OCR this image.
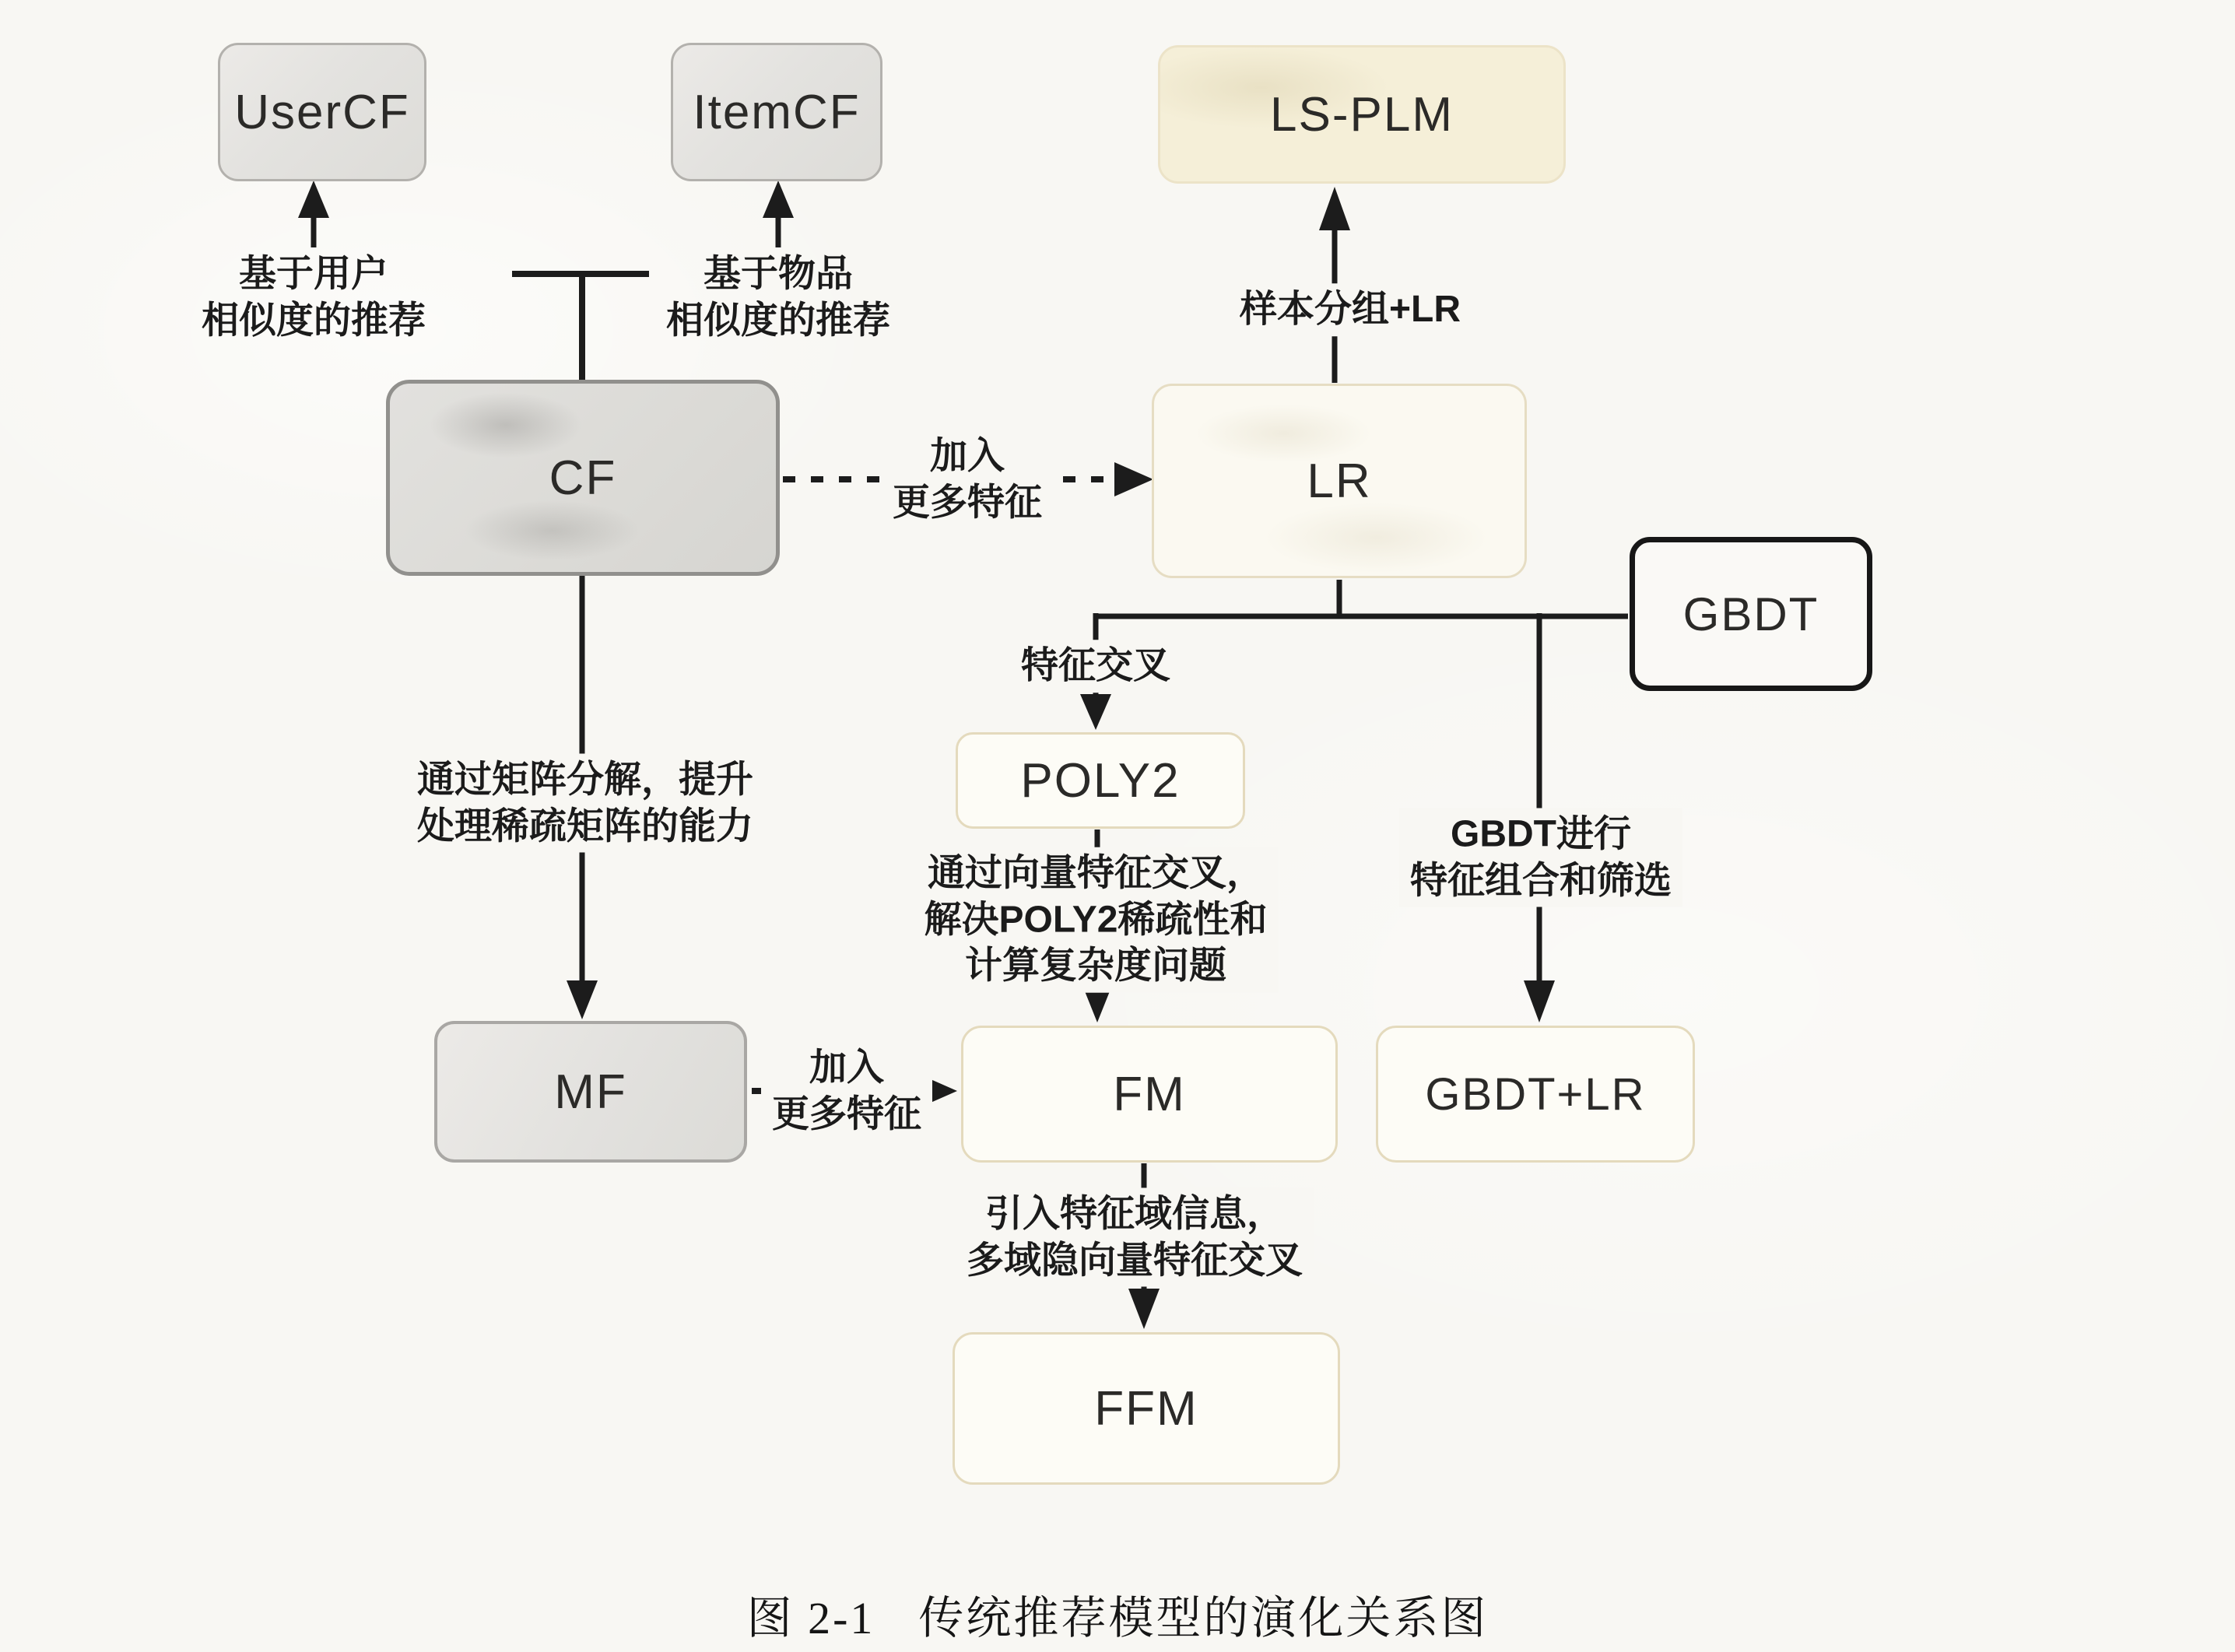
UserCF	ItemCF	LS-PLM
CF	LR
GBDT
POLY2
MF	FM	GBDT+LR
FFM
基于用户
相似度的推荐
基于物品
相似度的推荐	样本分组+LR
加入
更多特征
特征交叉
通过矩阵分解，提升
处理稀疏矩阵的能力
通过向量特征交叉，
解决POLY2稀疏性和
计算复杂度问题
GBDT进行
特征组合和筛选
加入
更多特征
引入特征域信息，
多域隐向量特征交叉
图 2-1 传统推荐模型的演化关系图
